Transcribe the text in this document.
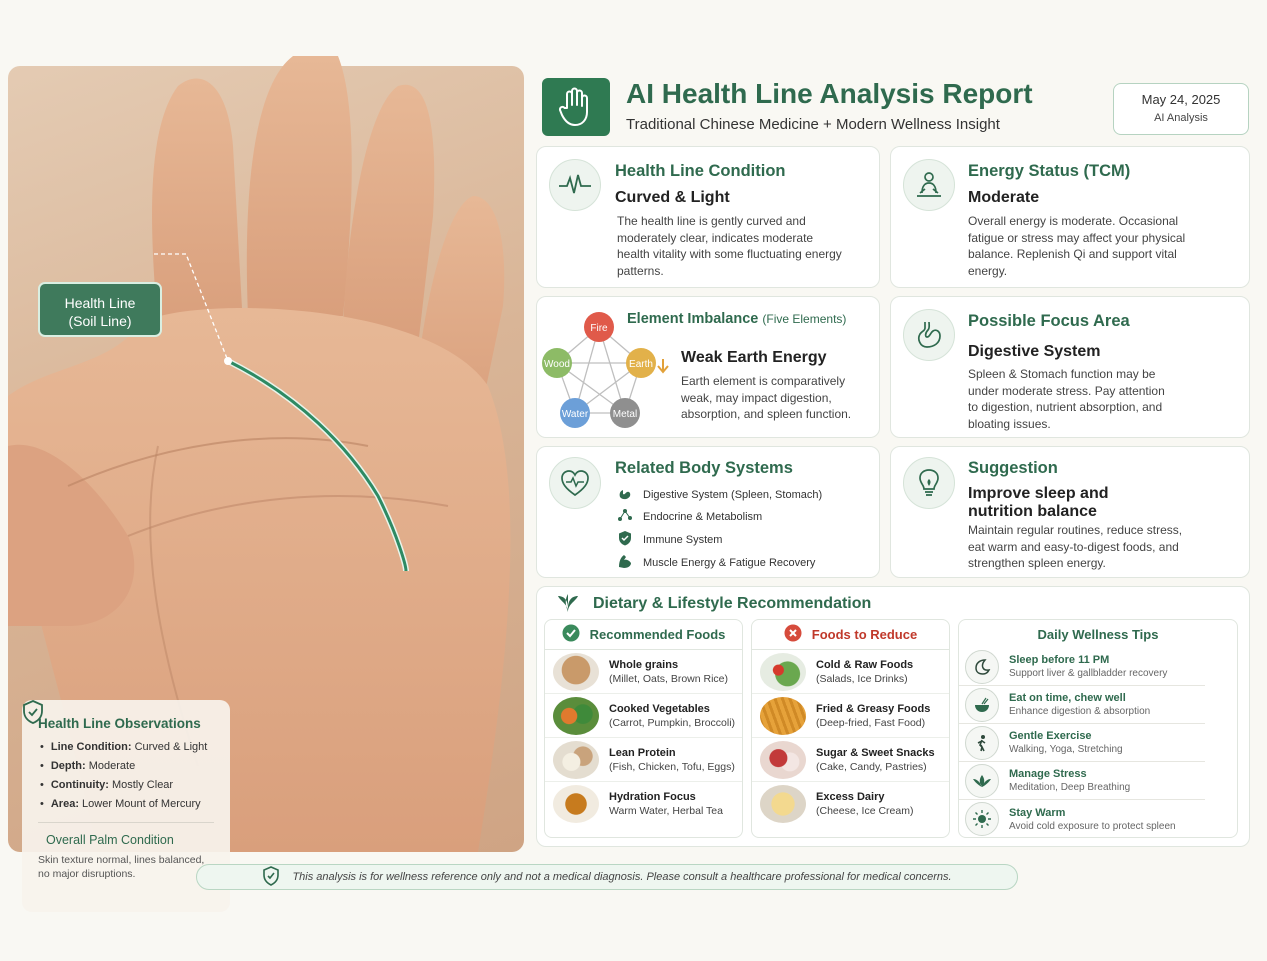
Health Line
(Soil Line)
Health Line Observations
• Line Condition: Curved & Light
• Depth: Moderate
• Continuity: Mostly Clear
• Area: Lower Mount of Mercury
Overall Palm Condition
Skin texture normal, lines balanced, no major disruptions.
AI Health Line Analysis Report
Traditional Chinese Medicine + Modern Wellness Insight
May 24, 2025
AI Analysis
Health Line Condition
Curved & Light
The health line is gently curved and moderately clear, indicates moderate health vitality with some fluctuating energy patterns.
Energy Status (TCM)
Moderate
Overall energy is moderate. Occasional fatigue or stress may affect your physical balance. Replenish Qi and support vital energy.
Fire
Earth
Metal
Water
Wood
Element Imbalance (Five Elements)
Weak Earth Energy
Earth element is comparatively weak, may impact digestion, absorption, and spleen function.
Possible Focus Area
Digestive System
Spleen & Stomach function may be under moderate stress. Pay attention to digestion, nutrient absorption, and bloating issues.
Related Body Systems
Digestive System (Spleen, Stomach)
Endocrine & Metabolism
Immune System
Muscle Energy & Fatigue Recovery
Suggestion
Improve sleep and nutrition balance
Maintain regular routines, reduce stress, eat warm and easy-to-digest foods, and strengthen spleen energy.
Dietary & Lifestyle Recommendation
Recommended Foods
Whole grains
(Millet, Oats, Brown Rice)
Cooked Vegetables
(Carrot, Pumpkin, Broccoli)
Lean Protein
(Fish, Chicken, Tofu, Eggs)
Hydration Focus
Warm Water, Herbal Tea
Foods to Reduce
Cold & Raw Foods
(Salads, Ice Drinks)
Fried & Greasy Foods
(Deep-fried, Fast Food)
Sugar & Sweet Snacks
(Cake, Candy, Pastries)
Excess Dairy
(Cheese, Ice Cream)
Daily Wellness Tips
Sleep before 11 PM
Support liver & gallbladder recovery
Eat on time, chew well
Enhance digestion & absorption
Gentle Exercise
Walking, Yoga, Stretching
Manage Stress
Meditation, Deep Breathing
Stay Warm
Avoid cold exposure to protect spleen
This analysis is for wellness reference only and not a medical diagnosis. Please consult a healthcare professional for medical concerns.
